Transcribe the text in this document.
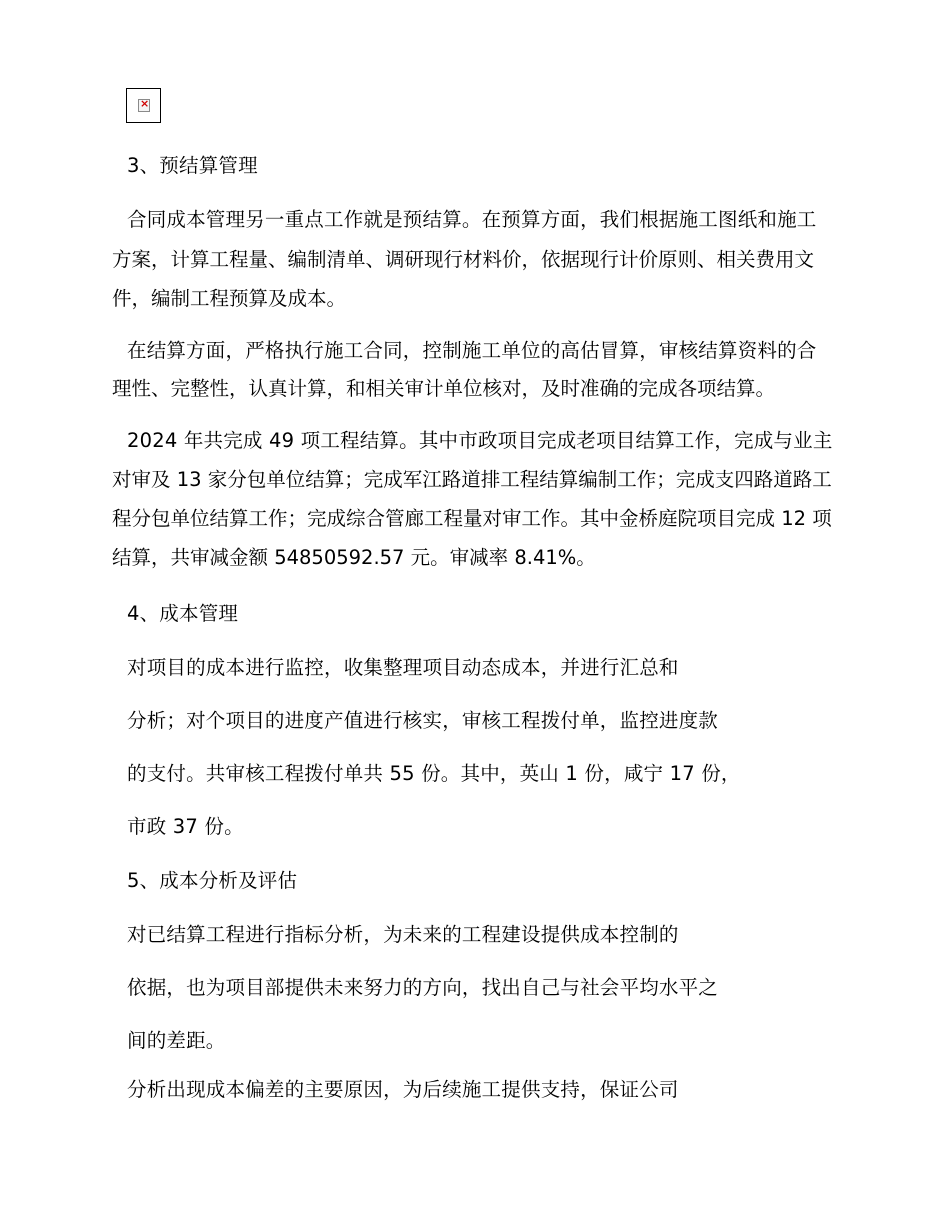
×
3、预结算管理
合同成本管理另一重点工作就是预结算。在预算方面，我们根据施工图纸和施工
方案，计算工程量、编制清单、调研现行材料价，依据现行计价原则、相关费用文
件，编制工程预算及成本。
在结算方面，严格执行施工合同，控制施工单位的高估冒算，审核结算资料的合
理性、完整性，认真计算，和相关审计单位核对，及时准确的完成各项结算。
2024 年共完成 49 项工程结算。其中市政项目完成老项目结算工作，完成与业主
对审及 13 家分包单位结算；完成军江路道排工程结算编制工作；完成支四路道路工
程分包单位结算工作；完成综合管廊工程量对审工作。其中金桥庭院项目完成 12 项
结算，共审减金额 54850592.57 元。审减率 8.41%。
4、成本管理
对项目的成本进行监控，收集整理项目动态成本，并进行汇总和
分析；对个项目的进度产值进行核实，审核工程拨付单，监控进度款
的支付。共审核工程拨付单共 55 份。其中，英山 1 份，咸宁 17 份，
市政 37 份。
5、成本分析及评估
对已结算工程进行指标分析，为未来的工程建设提供成本控制的
依据，也为项目部提供未来努力的方向，找出自己与社会平均水平之
间的差距。
分析出现成本偏差的主要原因，为后续施工提供支持，保证公司
